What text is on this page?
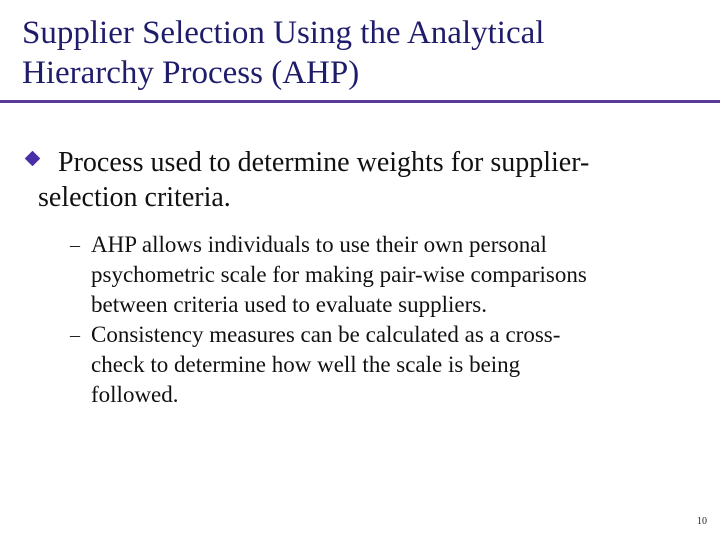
Supplier Selection Using the Analytical
Hierarchy Process (AHP)

Process used to determine weights for supplier-
selection criteria.

– AHP allows individuals to use their own personal
psychometric scale for making pair-wise comparisons
between criteria used to evaluate suppliers.
– Consistency measures can be calculated as a cross-
check to determine how well the scale is being
followed.
10
